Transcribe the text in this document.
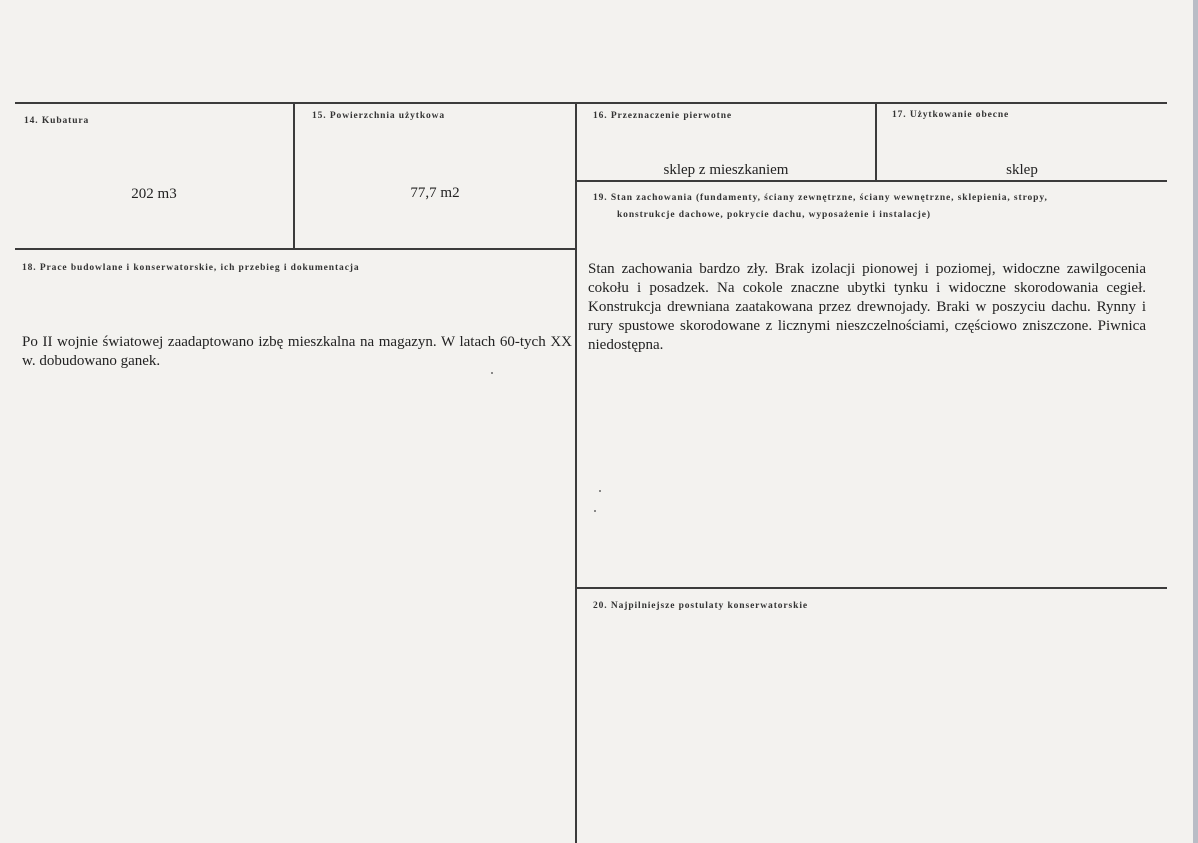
14. Kubatura
202 m3
15. Powierzchnia użytkowa
77,7 m2
16. Przeznaczenie pierwotne
sklep z mieszkaniem
17. Użytkowanie obecne
sklep
18. Prace budowlane i konserwatorskie, ich przebieg i dokumentacja
Po II wojnie światowej zaadaptowano izbę mieszkalna na magazyn. W latach 60-tych XX w. dobudowano ganek.
19. Stan zachowania (fundamenty, ściany zewnętrzne, ściany wewnętrzne, sklepienia, stropy,
konstrukcje dachowe, pokrycie dachu, wyposażenie i instalacje)
Stan zachowania bardzo zły. Brak izolacji pionowej i poziomej, widoczne zawilgocenia cokołu i posadzek. Na cokole znaczne ubytki tynku i widoczne skorodowania cegieł. Konstrukcja drewniana zaatakowana przez drewnojady. Braki w poszyciu dachu. Rynny i rury spustowe skorodowane z licznymi nieszczelnościami, częściowo zniszczone. Piwnica niedostępna.
20. Najpilniejsze postulaty konserwatorskie
